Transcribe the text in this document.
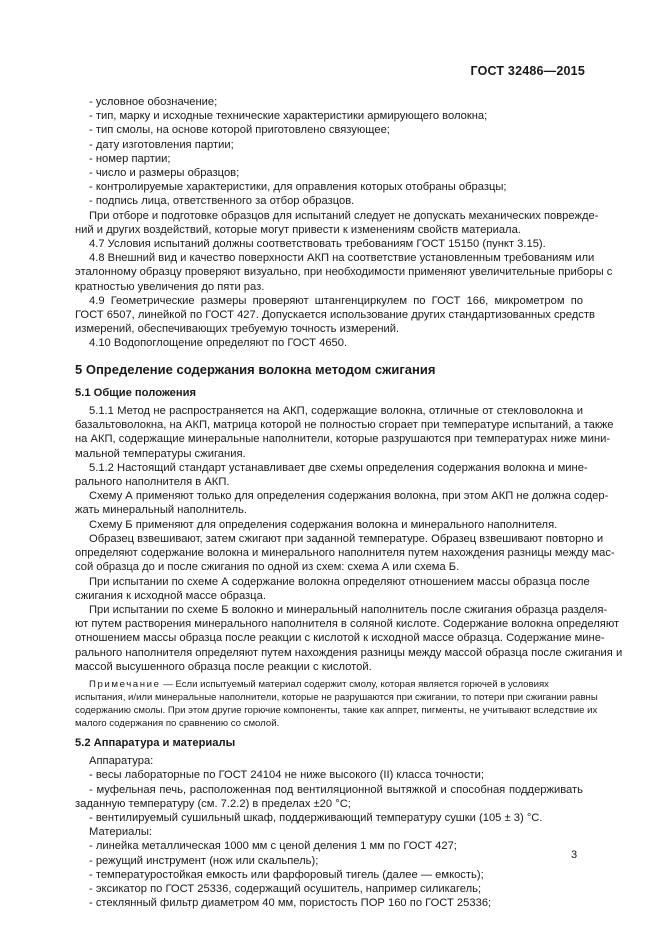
ГОСТ 32486—2015
- условное обозначение;
- тип, марку и исходные технические характеристики армирующего волокна;
- тип смолы, на основе которой приготовлено связующее;
- дату изготовления партии;
- номер партии;
- число и размеры образцов;
- контролируемые характеристики, для оправления которых отобраны образцы;
- подпись лица, ответственного за отбор образцов.
При отборе и подготовке образцов для испытаний следует не допускать механических поврежде-
ний и других воздействий, которые могут привести к изменениям свойств материала.
4.7 Условия испытаний должны соответствовать требованиям ГОСТ 15150 (пункт 3.15).
4.8 Внешний вид и качество поверхности АКП на соответствие установленным требованиям или
эталонному образцу проверяют визуально, при необходимости применяют увеличительные приборы с
кратностью увеличения до пяти раз.
4.9 Геометрические размеры проверяют штангенциркулем по ГОСТ 166, микрометром по
ГОСТ 6507, линейкой по ГОСТ 427. Допускается использование других стандартизованных средств
измерений, обеспечивающих требуемую точность измерений.
4.10 Водопоглощение определяют по ГОСТ 4650.
5 Определение содержания волокна методом сжигания
5.1 Общие положения
5.1.1 Метод не распространяется на АКП, содержащие волокна, отличные от стекловолокна и
базальтоволокна, на АКП, матрица которой не полностью сгорает при температуре испытаний, а также
на АКП, содержащие минеральные наполнители, которые разрушаются при температурах ниже мини-
мальной температуры сжигания.
5.1.2 Настоящий стандарт устанавливает две схемы определения содержания волокна и мине-
рального наполнителя в АКП.
Схему А применяют только для определения содержания волокна, при этом АКП не должна содер-
жать минеральный наполнитель.
Схему Б применяют для определения содержания волокна и минерального наполнителя.
Образец взвешивают, затем сжигают при заданной температуре. Образец взвешивают повторно и
определяют содержание волокна и минерального наполнителя путем нахождения разницы между мас-
сой образца до и после сжигания по одной из схем: схема А или схема Б.
При испытании по схеме А содержание волокна определяют отношением массы образца после
сжигания к исходной массе образца.
При испытании по схеме Б волокно и минеральный наполнитель после сжигания образца разделя-
ют путем растворения минерального наполнителя в соляной кислоте. Содержание волокна определяют
отношением массы образца после реакции с кислотой к исходной массе образца. Содержание мине-
рального наполнителя определяют путем нахождения разницы между массой образца после сжигания и
массой высушенного образца после реакции с кислотой.
Примечание — Если испытуемый материал содержит смолу, которая является горючей в условиях
испытания, и/или минеральные наполнители, которые не разрушаются при сжигании, то потери при сжигании равны
содержанию смолы. При этом другие горючие компоненты, такие как аппрет, пигменты, не учитывают вследствие их
малого содержания по сравнению со смолой.
5.2 Аппаратура и материалы
Аппаратура:
- весы лабораторные по ГОСТ 24104 не ниже высокого (II) класса точности;
- муфельная печь, расположенная под вентиляционной вытяжкой и способная поддерживать
заданную температуру (см. 7.2.2) в пределах ±20 °С;
- вентилируемый сушильный шкаф, поддерживающий температуру сушки (105 ± 3) °С.
Материалы:
- линейка металлическая 1000 мм с ценой деления 1 мм по ГОСТ 427;
- режущий инструмент (нож или скальпель);
- температуростойкая емкость или фарфоровый тигель (далее — емкость);
- эксикатор по ГОСТ 25336, содержащий осушитель, например силикагель;
- стеклянный фильтр диаметром 40 мм, пористость ПОР 160 по ГОСТ 25336;
3
